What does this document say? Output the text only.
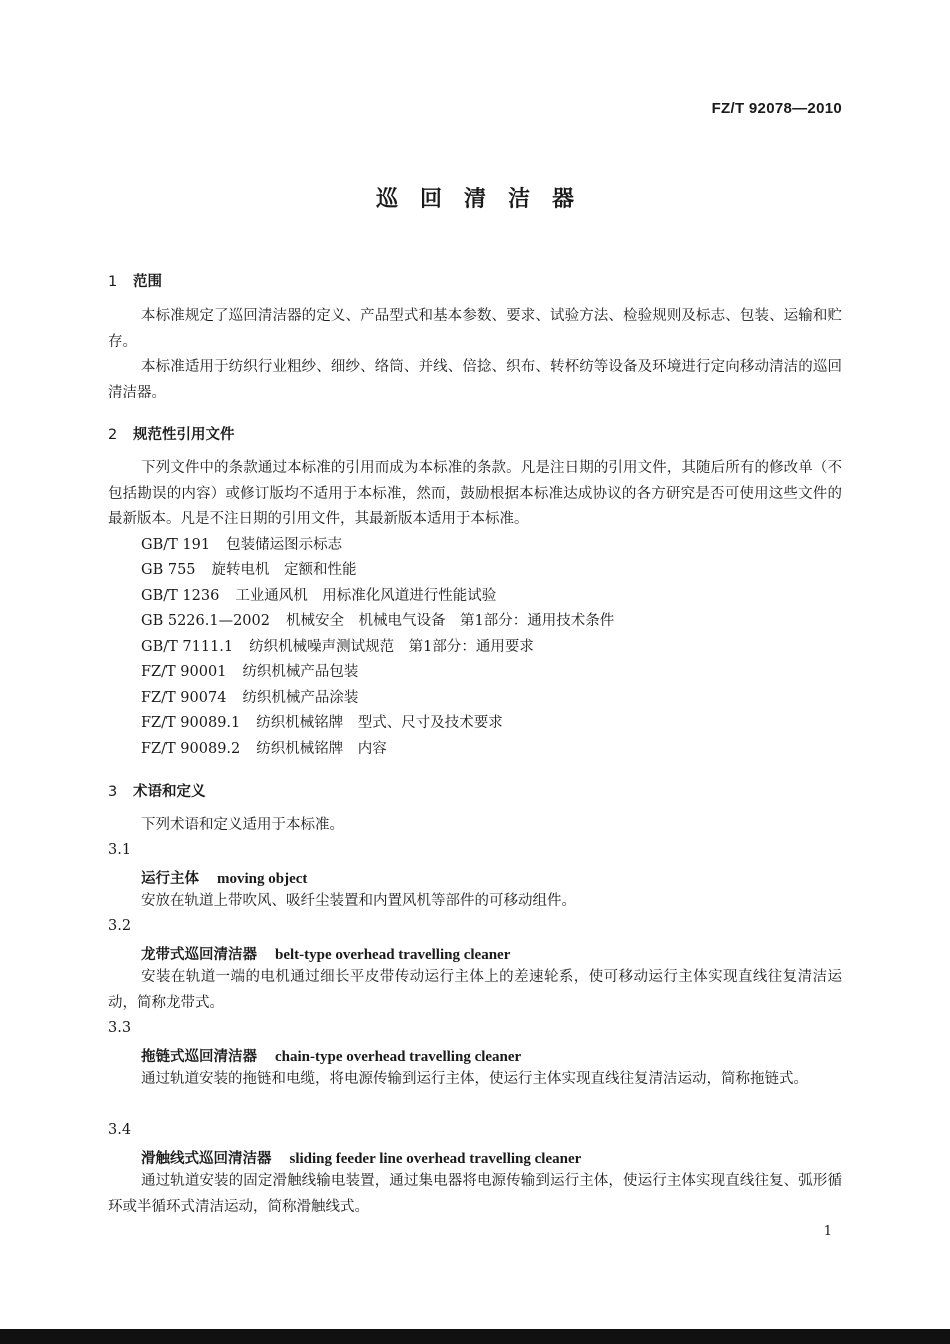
FZ/T 92078—2010
巡回清洁器
1 范围
本标准规定了巡回清洁器的定义、产品型式和基本参数、要求、试验方法、检验规则及标志、包装、运输和贮存。
本标准适用于纺织行业粗纱、细纱、络筒、并线、倍捻、织布、转杯纺等设备及环境进行定向移动清洁的巡回清洁器。
2 规范性引用文件
下列文件中的条款通过本标准的引用而成为本标准的条款。凡是注日期的引用文件，其随后所有的修改单（不包括勘误的内容）或修订版均不适用于本标准，然而，鼓励根据本标准达成协议的各方研究是否可使用这些文件的最新版本。凡是不注日期的引用文件，其最新版本适用于本标准。
GB/T 191 包装储运图示标志
GB 755 旋转电机　定额和性能
GB/T 1236 工业通风机　用标准化风道进行性能试验
GB 5226.1—2002 机械安全　机械电气设备　第1部分：通用技术条件
GB/T 7111.1 纺织机械噪声测试规范　第1部分：通用要求
FZ/T 90001 纺织机械产品包装
FZ/T 90074 纺织机械产品涂装
FZ/T 90089.1 纺织机械铭牌　型式、尺寸及技术要求
FZ/T 90089.2 纺织机械铭牌　内容
3 术语和定义
下列术语和定义适用于本标准。
3.1
运行主体 moving object
安放在轨道上带吹风、吸纤尘装置和内置风机等部件的可移动组件。
3.2
龙带式巡回清洁器 belt-type overhead travelling cleaner
安装在轨道一端的电机通过细长平皮带传动运行主体上的差速轮系，使可移动运行主体实现直线往复清洁运动，简称龙带式。
3.3
拖链式巡回清洁器 chain-type overhead travelling cleaner
通过轨道安装的拖链和电缆，将电源传输到运行主体，使运行主体实现直线往复清洁运动，简称拖链式。
3.4
滑触线式巡回清洁器 sliding feeder line overhead travelling cleaner
通过轨道安装的固定滑触线输电装置，通过集电器将电源传输到运行主体，使运行主体实现直线往复、弧形循环或半循环式清洁运动，简称滑触线式。
1
